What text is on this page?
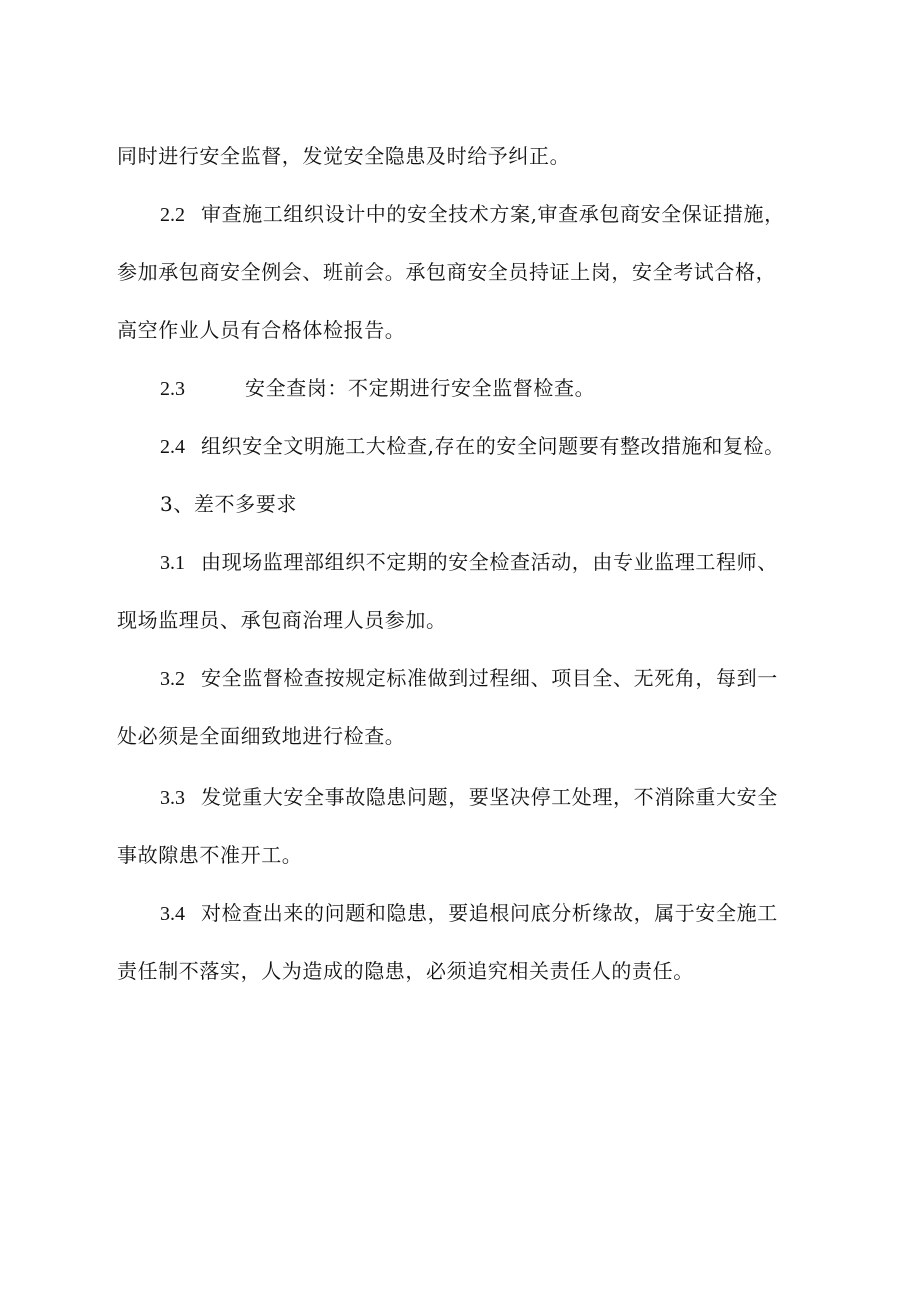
同时进行安全监督，发觉安全隐患及时给予纠正。
2.2 审查施工组织设计中的安全技术方案,审查承包商安全保证措施，
参加承包商安全例会、班前会。承包商安全员持证上岗，安全考试合格，
高空作业人员有合格体检报告。
2.3	安全查岗：不定期进行安全监督检查。
2.4 组织安全文明施工大检查,存在的安全问题要有整改措施和复检。
3、差不多要求
3.1 由现场监理部组织不定期的安全检查活动，由专业监理工程师、
现场监理员、承包商治理人员参加。
3.2 安全监督检查按规定标准做到过程细、项目全、无死角，每到一
处必须是全面细致地进行检查。
3.3 发觉重大安全事故隐患问题，要坚决停工处理，不消除重大安全
事故隙患不准开工。
3.4 对检查出来的问题和隐患，要追根问底分析缘故，属于安全施工
责任制不落实，人为造成的隐患，必须追究相关责任人的责任。
